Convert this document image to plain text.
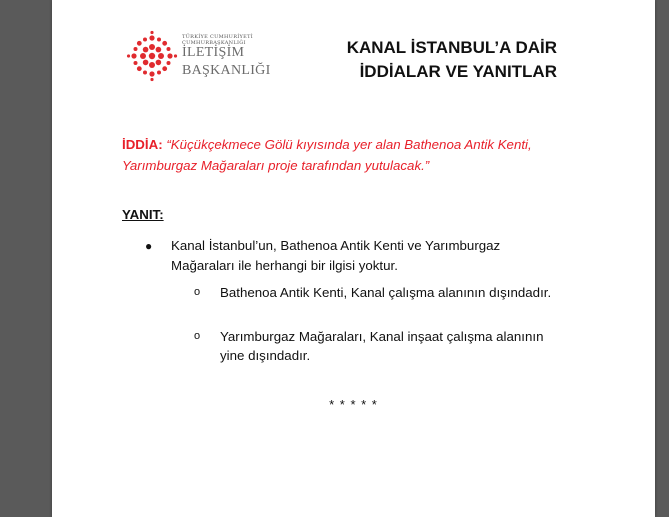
TÜRKİYE CUMHURİYETİ
CUMHURBAŞKANLIĞI
İLETİŞİM
BAŞKANLIĞI
KANAL İSTANBUL’A DAİR
İDDİALAR VE YANITLAR
İDDİA: “Küçükçekmece Gölü kıyısında yer alan Bathenoa Antik Kenti, Yarımburgaz Mağaraları proje tarafından yutulacak.”
YANIT:
● Kanal İstanbul’un, Bathenoa Antik Kenti ve Yarımburgaz Mağaraları ile herhangi bir ilgisi yoktur.
o Bathenoa Antik Kenti, Kanal çalışma alanının dışındadır.
o Yarımburgaz Mağaraları, Kanal inşaat çalışma alanının yine dışındadır.
* * * * *
